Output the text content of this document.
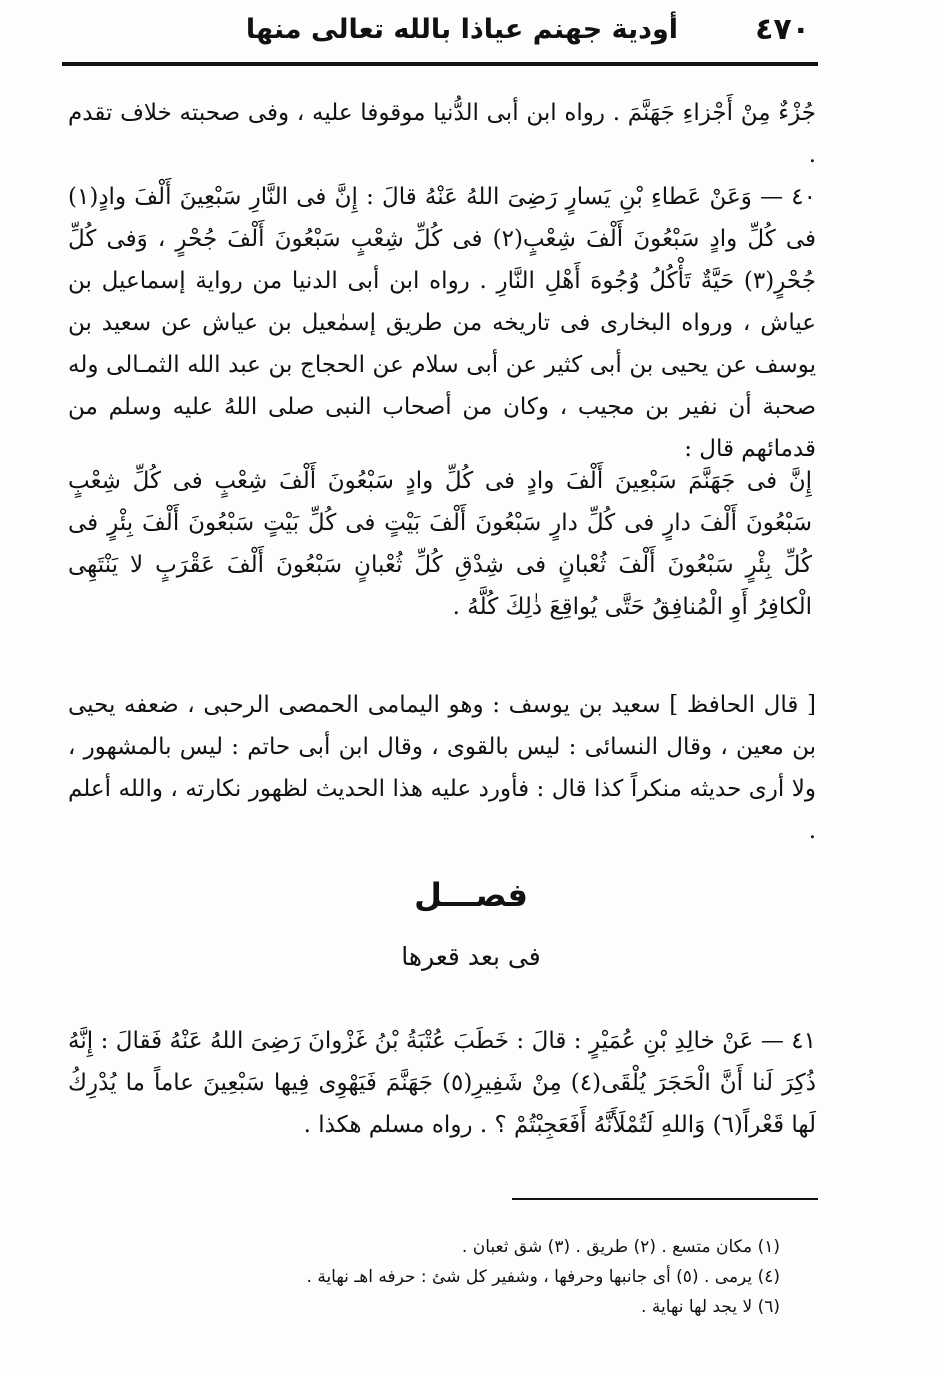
٤٧٠
أودية جهنم عياذا بالله تعالى منها

جُزْءٌ مِنْ أَجْزاءِ جَهَنَّمَ . رواه ابن أبى الدُّنيا موقوفا عليه ، وفى صحبته خلاف تقدم .

٤٠ — وَعَنْ عَطاءِ بْنِ يَسارٍ رَضِىَ اللهُ عَنْهُ قالَ : إِنَّ فى النَّارِ سَبْعِينَ أَلْفَ وادٍ(١) فى كُلِّ وادٍ سَبْعُونَ أَلْفَ شِعْبٍ(٢) فى كُلِّ شِعْبٍ سَبْعُونَ أَلْفَ جُحْرٍ ، وَفى كُلِّ جُحْرٍ(٣) حَيَّةٌ تَأْكُلُ وُجُوهَ أَهْلِ النَّارِ . رواه ابن أبى الدنيا من رواية إسماعيل بن عياش ، ورواه البخارى فى تاريخه من طريق إسمٰعيل بن عياش عن سعيد بن يوسف عن يحيى بن أبى كثير عن أبى سلام عن الحجاج بن عبد الله الثمـالى وله صحبة أن نفير بن مجيب ، وكان من أصحاب النبى صلى اللهُ عليه وسلم من قدمائهم قال :

إِنَّ فى جَهَنَّمَ سَبْعِينَ أَلْفَ وادٍ فى كُلِّ وادٍ سَبْعُونَ أَلْفَ شِعْبٍ فى كُلِّ شِعْبٍ سَبْعُونَ أَلْفَ دارٍ فى كُلِّ دارٍ سَبْعُونَ أَلْفَ بَيْتٍ فى كُلِّ بَيْتٍ سَبْعُونَ أَلْفَ بِئْرٍ فى كُلِّ بِئْرٍ سَبْعُونَ أَلْفَ ثُعْبانٍ فى شِدْقِ كُلِّ ثُعْبانٍ سَبْعُونَ أَلْفَ عَقْرَبٍ لا يَنْتَهِى الْكافِرُ أَوِ الْمُنافِقُ حَتَّى يُواقِعَ ذٰلِكَ كُلَّهُ .

[ قال الحافظ ] سعيد بن يوسف : وهو اليمامى الحمصى الرحبى ، ضعفه يحيى بن معين ، وقال النسائى : ليس بالقوى ، وقال ابن أبى حاتم : ليس بالمشهور ، ولا أرى حديثه منكراً كذا قال : فأورد عليه هذا الحديث لظهور نكارته ، والله أعلم .

فصـــل
فى بعد قعرها

٤١ — عَنْ خالِدِ بْنِ عُمَيْرٍ : قالَ : خَطَبَ عُتْبَةُ بْنُ غَزْوانَ رَضِىَ اللهُ عَنْهُ فَقالَ : إِنَّهُ ذُكِرَ لَنا أَنَّ الْحَجَرَ يُلْقَى(٤) مِنْ شَفِيرِ(٥) جَهَنَّمَ فَيَهْوِى فِيها سَبْعِينَ عاماً ما يُدْرِكُ لَها قَعْراً(٦) وَاللهِ لَتُمْلَأَنَّهُ أَفَعَجِبْتُمْ ؟ . رواه مسلم هكذا .

(١) مكان متسع . (٢) طريق . (٣) شق ثعبان .
(٤) يرمى . (٥) أى جانبها وحرفها ، وشفير كل شئ : حرفه اهـ نهاية .
(٦) لا يجد لها نهاية .
